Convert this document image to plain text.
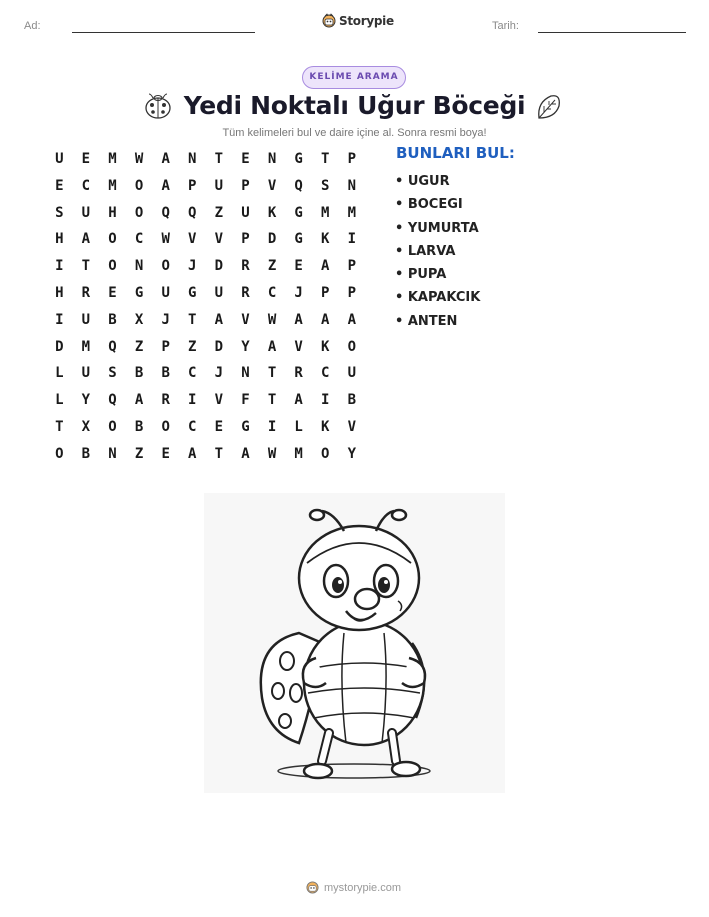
Ad:	Storypie	Tarih:
KELİME ARAMA
Yedi Noktalı Uğur Böceği
Tüm kelimeleri bul ve daire içine al. Sonra resmi boya!
U	E	M	W	A	N	T	E	N	G	T	P
E	C	M	O	A	P	U	P	V	Q	S	N
S	U	H	O	Q	Q	Z	U	K	G	M	M
H	A	O	C	W	V	V	P	D	G	K	I
I	T	O	N	O	J	D	R	Z	E	A	P
H	R	E	G	U	G	U	R	C	J	P	P
I	U	B	X	J	T	A	V	W	A	A	A
D	M	Q	Z	P	Z	D	Y	A	V	K	O
L	U	S	B	B	C	J	N	T	R	C	U
L	Y	Q	A	R	I	V	F	T	A	I	B
T	X	O	B	O	C	E	G	I	L	K	V
O	B	N	Z	E	A	T	A	W	M	O	Y
BUNLARI BUL:
• UGUR
• BOCEGI
• YUMURTA
• LARVA
• PUPA
• KAPAKCIK
• ANTEN
mystorypie.com
